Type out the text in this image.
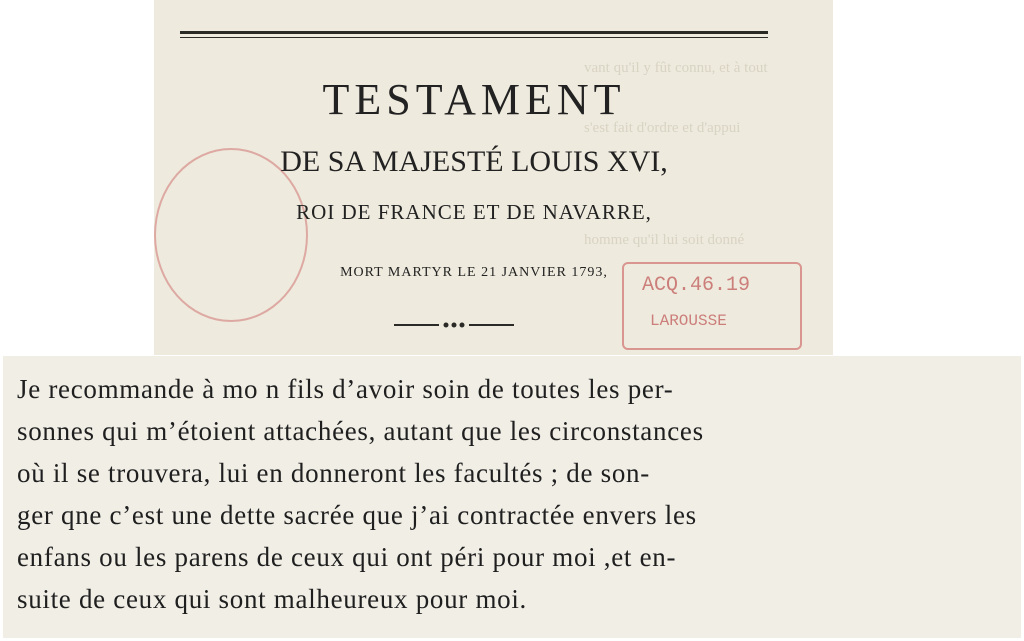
vant qu'il y fût connu, et à tout
s'est fait d'ordre et d'appui
homme qu'il lui soit donné
TESTAMENT
DE SA MAJESTÉ LOUIS XVI,
ROI DE FRANCE ET DE NAVARRE,
MORT MARTYR LE 21 JANVIER 1793,
ACQ.46.19
LAROUSSE

Je recommande à mo n fils d’avoir soin de toutes les per-

sonnes qui m’étoient attachées, autant que les circonstances

où il se trouvera, lui en donneront les facultés ; de son-

ger qne c’est une dette sacrée que j’ai contractée envers les

enfans ou les parens de ceux qui ont péri pour moi ,et en-

suite de ceux qui sont malheureux pour moi.
